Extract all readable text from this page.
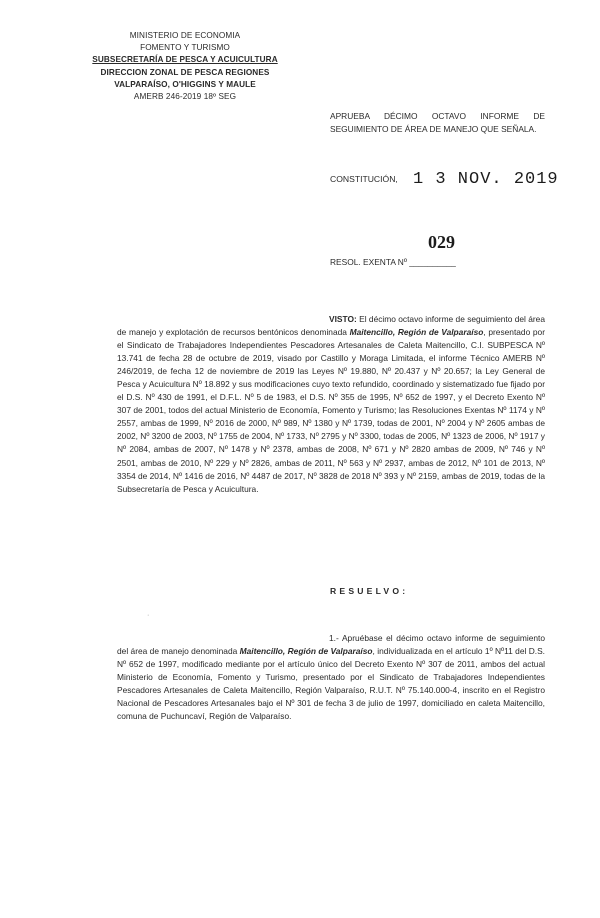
MINISTERIO DE ECONOMIA
FOMENTO Y TURISMO
SUBSECRETARÍA DE PESCA Y ACUICULTURA
DIRECCION ZONAL DE PESCA REGIONES
VALPARAÍSO, O'HIGGINS Y MAULE
AMERB 246-2019 18º SEG
APRUEBA DÉCIMO OCTAVO INFORME DE
SEGUIMIENTO DE ÁREA DE MANEJO QUE SEÑALA.
CONSTITUCIÓN, 1 3 NOV. 2019
029
RESOL. EXENTA Nº __________
VISTO: El décimo octavo informe de seguimiento del área de manejo y explotación de recursos bentónicos denominada Maitencillo, Región de Valparaíso, presentado por el Sindicato de Trabajadores Independientes Pescadores Artesanales de Caleta Maitencillo, C.I. SUBPESCA Nº 13.741 de fecha 28 de octubre de 2019, visado por Castillo y Moraga Limitada, el informe Técnico AMERB Nº 246/2019, de fecha 12 de noviembre de 2019 las Leyes Nº 19.880, Nº 20.437 y Nº 20.657; la Ley General de Pesca y Acuicultura Nº 18.892 y sus modificaciones cuyo texto refundido, coordinado y sistematizado fue fijado por el D.S. Nº 430 de 1991, el D.F.L. Nº 5 de 1983, el D.S. Nº 355 de 1995, Nº 652 de 1997, y el Decreto Exento Nº 307 de 2001, todos del actual Ministerio de Economía, Fomento y Turismo; las Resoluciones Exentas Nº 1174 y Nº 2557, ambas de 1999, Nº 2016 de 2000, Nº 989, Nº 1380 y Nº 1739, todas de 2001, Nº 2004 y Nº 2605 ambas de 2002, Nº 3200 de 2003, Nº 1755 de 2004, Nº 1733, Nº 2795 y Nº 3300, todas de 2005, Nº 1323 de 2006, Nº 1917 y Nº 2084, ambas de 2007, Nº 1478 y Nº 2378, ambas de 2008, Nº 671 y Nº 2820 ambas de 2009, Nº 746 y Nº 2501, ambas de 2010, Nº 229 y Nº 2826, ambas de 2011, Nº 563 y Nº 2937, ambas de 2012, Nº 101 de 2013, Nº 3354 de 2014, Nº 1416 de 2016, Nº 4487 de 2017, Nº 3828 de 2018 Nº 393 y Nº 2159, ambas de 2019, todas de la Subsecretaría de Pesca y Acuicultura.
RESUELVO:
·
1.- Apruébase el décimo octavo informe de seguimiento del área de manejo denominada Maitencillo, Región de Valparaíso, individualizada en el artículo 1º Nº11 del D.S. Nº 652 de 1997, modificado mediante por el artículo único del Decreto Exento Nº 307 de 2011, ambos del actual Ministerio de Economía, Fomento y Turismo, presentado por el Sindicato de Trabajadores Independientes Pescadores Artesanales de Caleta Maitencillo, Región Valparaíso, R.U.T. Nº 75.140.000-4, inscrito en el Registro Nacional de Pescadores Artesanales bajo el Nº 301 de fecha 3 de julio de 1997, domiciliado en caleta Maitencillo, comuna de Puchuncaví, Región de Valparaíso.
